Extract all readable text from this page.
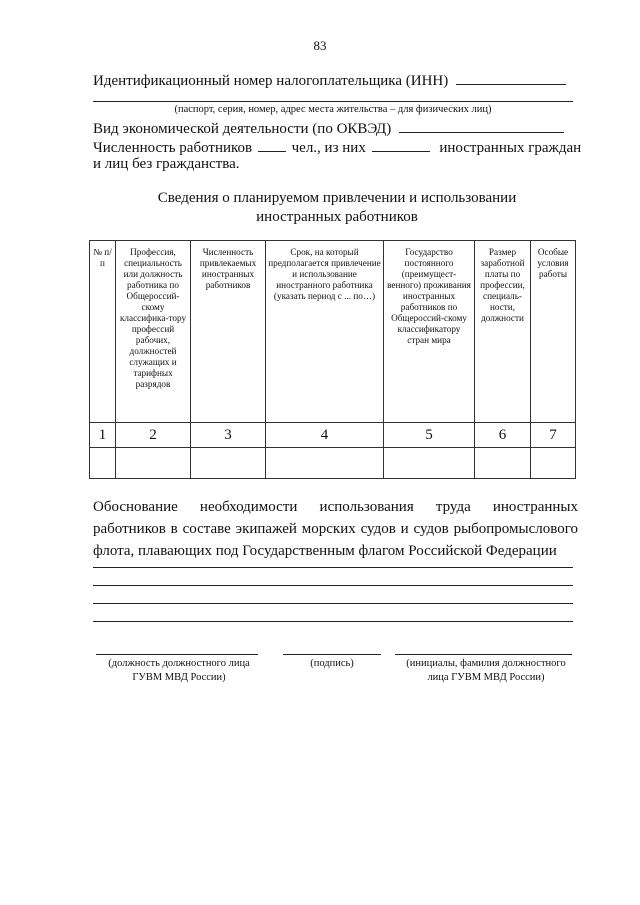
83
Идентификационный номер налогоплательщика (ИНН)
(паспорт, серия, номер, адрес места жительства – для физических лиц)
Вид экономической деятельности (по ОКВЭД)
Численность работников	чел., из них	иностранных граждан
и лиц без гражданства.
Сведения о планируемом привлечении и использовании
иностранных работников
№ п/п	Профессия, специальность или должность работника по Общероссий-скому классифика-тору профессий рабочих, должностей служащих и тарифных разрядов	Численность привлекаемых иностранных работников	Срок, на который предполагается привлечение и использование иностранного работника (указать период с ... по…)	Государство постоянного (преимущест-венного) проживания иностранных работников по Общероссий-скому классификатору стран мира	Размер заработной платы по профессии, специаль-ности, должности	Особые условия работы
1	2	3	4	5	6	7

Обоснование необходимости использования труда иностранных работников в составе экипажей морских судов и судов рыбопромыслового флота, плавающих под Государственным флагом Российской Федерации
(должность должностного лица ГУВМ МВД России)
(подпись)	(инициалы, фамилия должностного лица ГУВМ МВД России)
